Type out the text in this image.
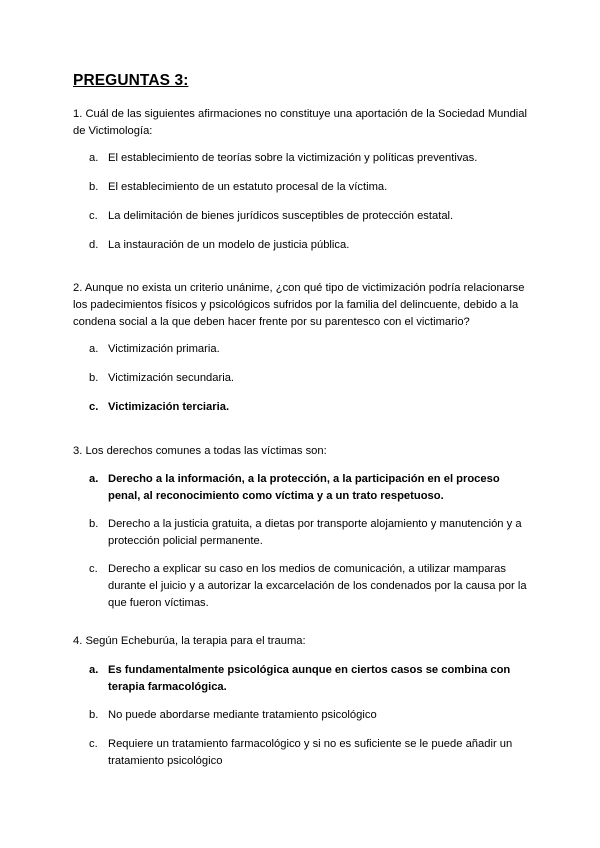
PREGUNTAS 3:

1. Cuál de las siguientes afirmaciones no constituye una aportación de la Sociedad Mundial de Victimología:

a. El establecimiento de teorías sobre la victimización y políticas preventivas.
b. El establecimiento de un estatuto procesal de la víctima.
c. La delimitación de bienes jurídicos susceptibles de protección estatal.
d. La instauración de un modelo de justicia pública.

2. Aunque no exista un criterio unánime, ¿con qué tipo de victimización podría relacionarse los padecimientos físicos y psicológicos sufridos por la familia del delincuente, debido a la condena social a la que deben hacer frente por su parentesco con el victimario?

a. Victimización primaria.
b. Victimización secundaria.
c. Victimización terciaria.

3. Los derechos comunes a todas las víctimas son:

a. Derecho a la información, a la protección, a la participación en el proceso penal, al reconocimiento como víctima y a un trato respetuoso.
b. Derecho a la justicia gratuita, a dietas por transporte alojamiento y manutención y a protección policial permanente.
c. Derecho a explicar su caso en los medios de comunicación, a utilizar mamparas durante el juicio y a autorizar la excarcelación de los condenados por la causa por la que fueron víctimas.

4. Según Echeburúa, la terapia para el trauma:

a. Es fundamentalmente psicológica aunque en ciertos casos se combina con terapia farmacológica.
b. No puede abordarse mediante tratamiento psicológico
c. Requiere un tratamiento farmacológico y si no es suficiente se le puede añadir un tratamiento psicológico
